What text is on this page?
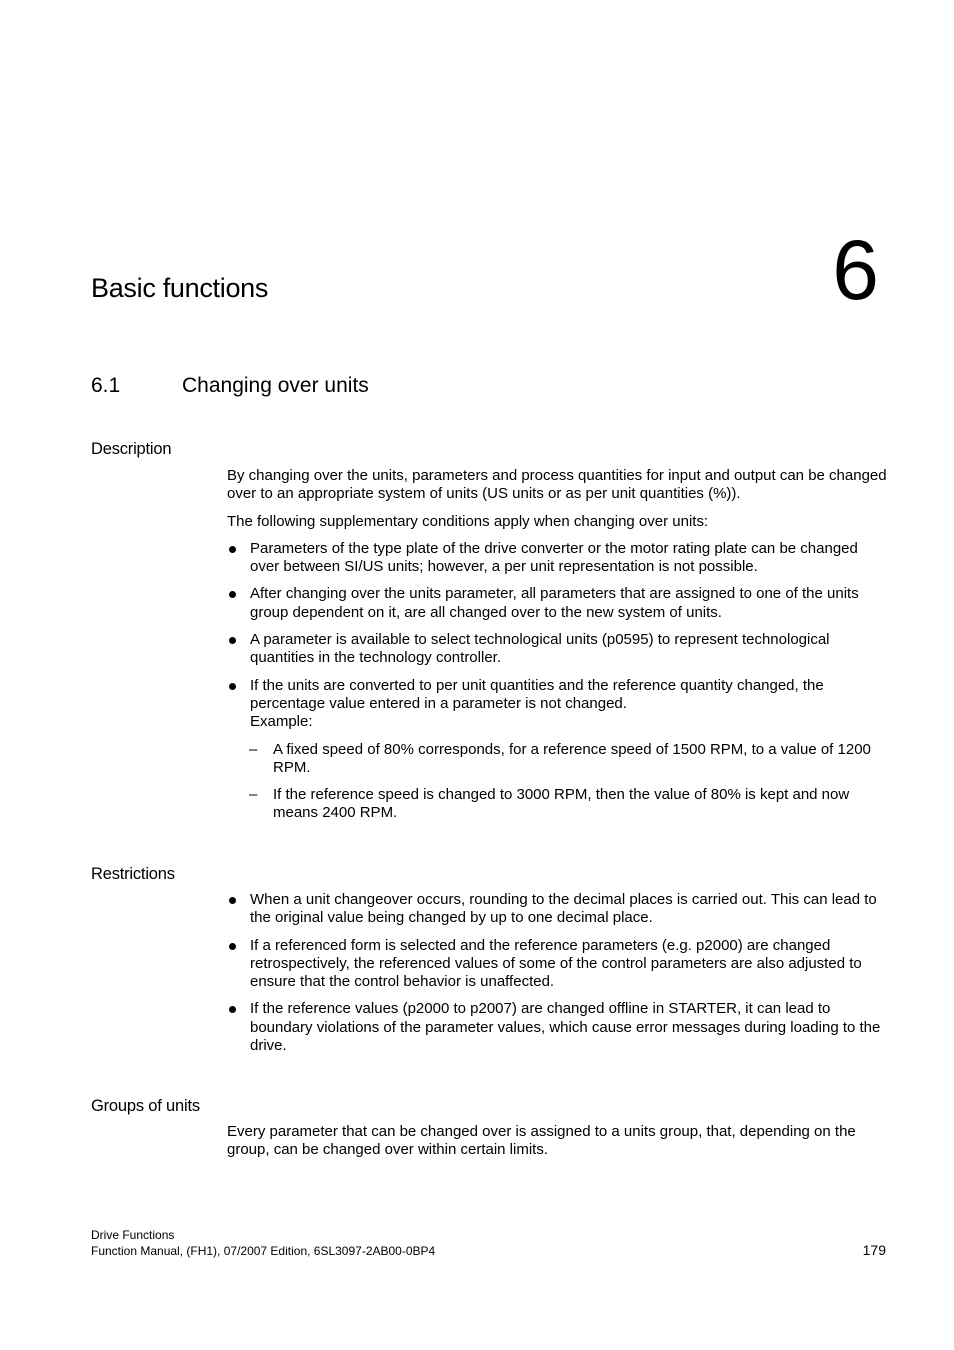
Basic functions	6
6.1	Changing over units
Description

By changing over the units, parameters and process quantities for input and output can be changed over to an appropriate system of units (US units or as per unit quantities (%)).

The following supplementary conditions apply when changing over units:

Parameters of the type plate of the drive converter or the motor rating plate can be changed over between SI/US units; however, a per unit representation is not possible.
After changing over the units parameter, all parameters that are assigned to one of the units group dependent on it, are all changed over to the new system of units.
A parameter is available to select technological units (p0595) to represent technological quantities in the technology controller.
If the units are converted to per unit quantities and the reference quantity changed, the percentage value entered in a parameter is not changed.
Example:
– A fixed speed of 80% corresponds, for a reference speed of 1500 RPM, to a value of 1200 RPM.
– If the reference speed is changed to 3000 RPM, then the value of 80% is kept and now means 2400 RPM.
Restrictions
When a unit changeover occurs, rounding to the decimal places is carried out. This can lead to the original value being changed by up to one decimal place.
If a referenced form is selected and the reference parameters (e.g. p2000) are changed retrospectively, the referenced values of some of the control parameters are also adjusted to ensure that the control behavior is unaffected.
If the reference values (p2000 to p2007) are changed offline in STARTER, it can lead to boundary violations of the parameter values, which cause error messages during loading to the drive.
Groups of units

Every parameter that can be changed over is assigned to a units group, that, depending on the group, can be changed over within certain limits.

Drive Functions
Function Manual, (FH1), 07/2007 Edition, 6SL3097-2AB00-0BP4	179
